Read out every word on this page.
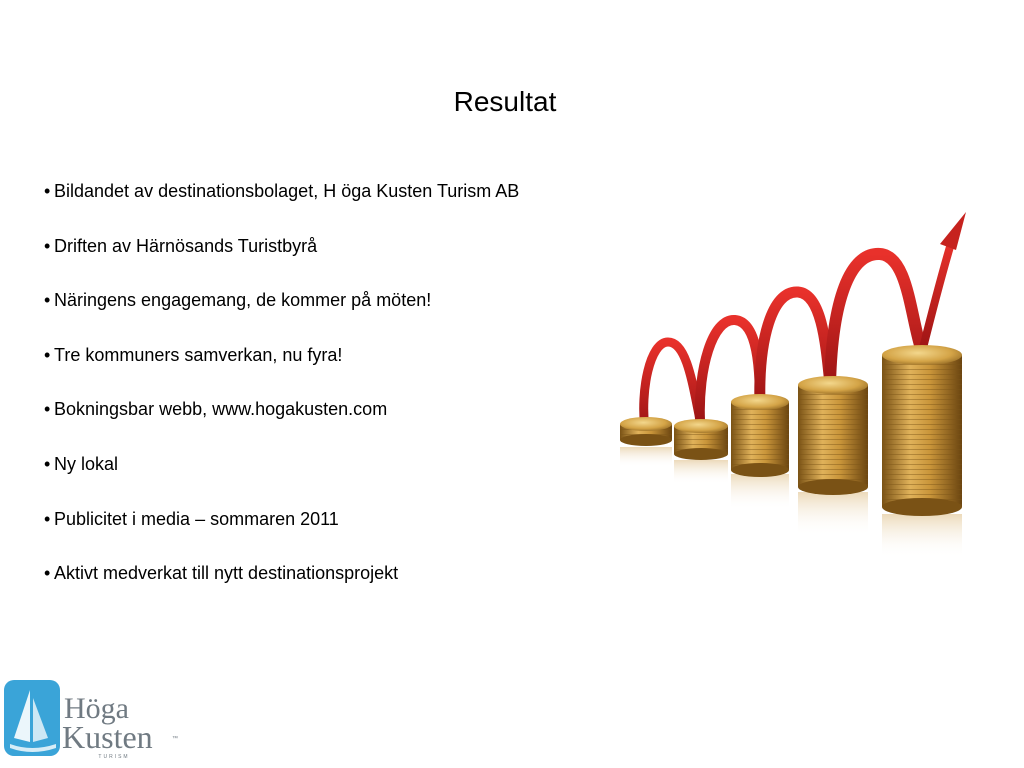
Resultat
• Bildandet av destinationsbolaget, H öga Kusten Turism AB
• Driften av Härnösands Turistbyrå
• Näringens engagemang, de kommer på möten!
• Tre kommuners samverkan, nu fyra!
• Bokningsbar webb, www.hogakusten.com
• Ny lokal
• Publicitet i media – sommaren 2011
• Aktivt medverkat till nytt destinationsprojekt
Höga
Kusten	™
TURISM
